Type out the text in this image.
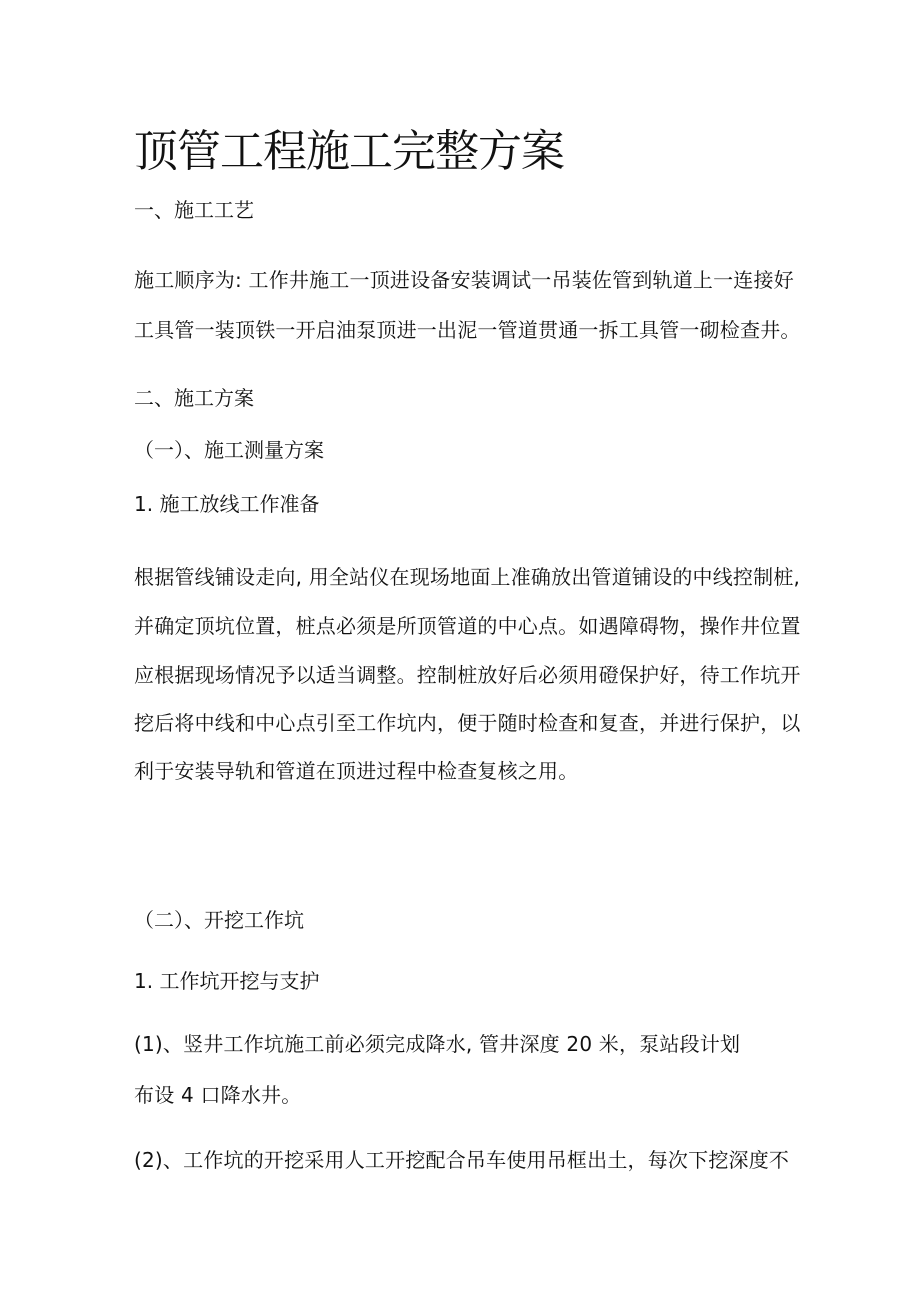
顶管工程施工完整方案
一、施工工艺
施工顺序为: 工作井施工一顶进设备安装调试一吊装佐管到轨道上一连接好
工具管一装顶铁一开启油泵顶进一出泥一管道贯通一拆工具管一砌检查井。
二、施工方案
（一）、施工测量方案
1. 施工放线工作准备
根据管线铺设走向, 用全站仪在现场地面上准确放出管道铺设的中线控制桩,
并确定顶坑位置，桩点必须是所顶管道的中心点。如遇障碍物，操作井位置
应根据现场情况予以适当调整。控制桩放好后必须用磴保护好，待工作坑开
挖后将中线和中心点引至工作坑内，便于随时检查和复查，并进行保护，以
利于安装导轨和管道在顶进过程中检查复核之用。
（二）、开挖工作坑
1. 工作坑开挖与支护
(1)、竖井工作坑施工前必须完成降水, 管井深度 20 米，泵站段计划
布设 4 口降水井。
(2)、工作坑的开挖采用人工开挖配合吊车使用吊框出土，每次下挖深度不
